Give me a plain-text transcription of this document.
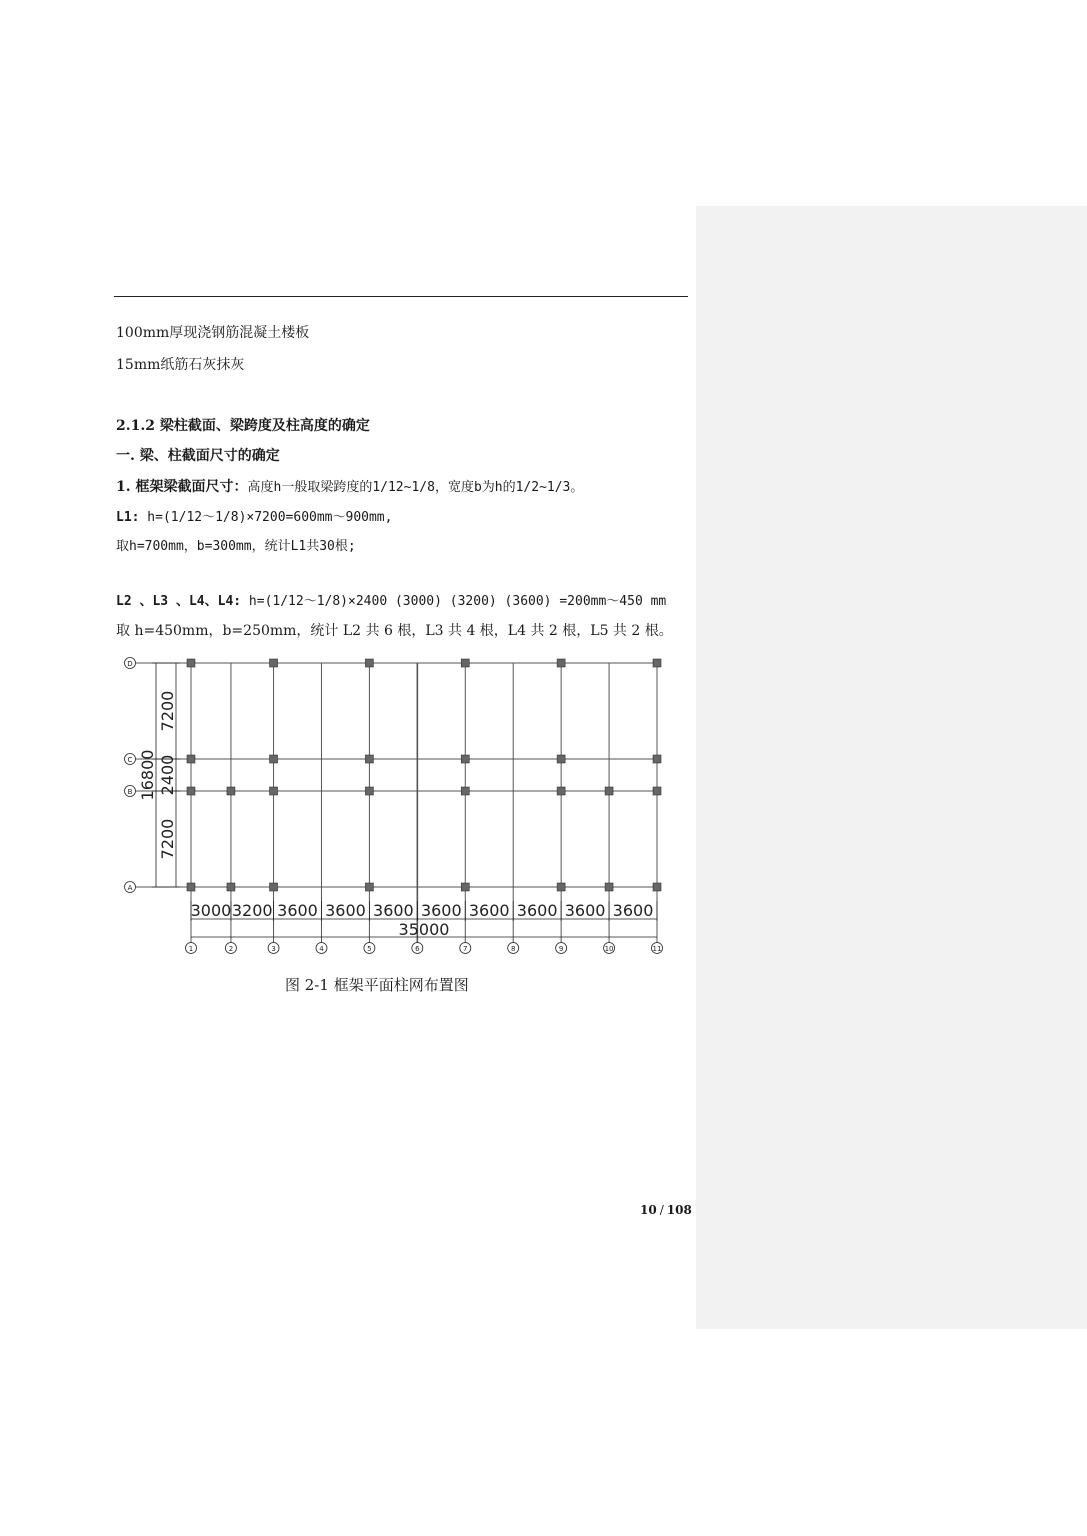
100mm厚现浇钢筋混凝土楼板
15mm纸筋石灰抹灰
2.1.2 梁柱截面、梁跨度及柱高度的确定
一. 梁、柱截面尺寸的确定
1. 框架梁截面尺寸：高度h一般取梁跨度的1/12~1/8，宽度b为h的1/2~1/3。
L1: h=(1/12～1/8)×7200=600mm～900mm,
取h=700mm，b=300mm，统计L1共30根;
L2 、L3 、L4、L4: h=(1/12～1/8)×2400 (3000) (3200) (3600) =200mm～450 mm
取 h=450mm，b=250mm，统计 L2 共 6 根，L3 共 4 根，L4 共 2 根，L5 共 2 根。
A
B
C
D
7200
2400
7200
16800
3000 3200 3600 3600 3600 3600 3600 3600 3600 3600
35000
1	2	3	4	5	6	7	8	9	10	11
图 2-1 框架平面柱网布置图
10 / 108
